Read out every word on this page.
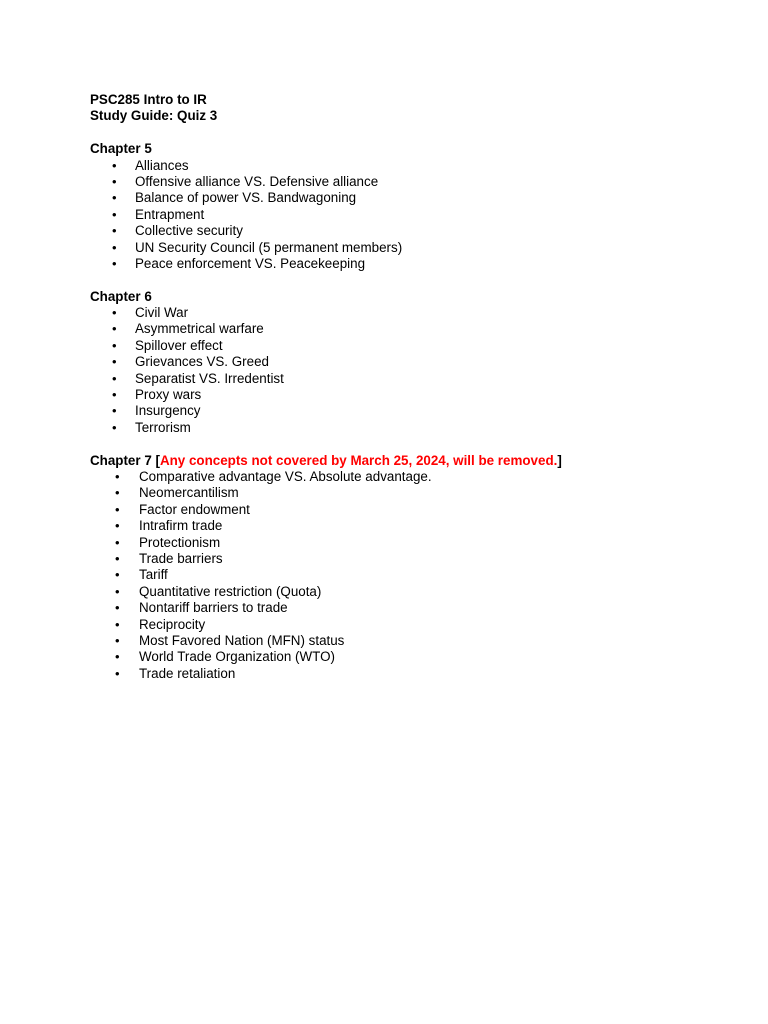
PSC285 Intro to IR
Study Guide: Quiz 3
Chapter 5
• Alliances
• Offensive alliance VS. Defensive alliance
• Balance of power VS. Bandwagoning
• Entrapment
• Collective security
• UN Security Council (5 permanent members)
• Peace enforcement VS. Peacekeeping
Chapter 6
• Civil War
• Asymmetrical warfare
• Spillover effect
• Grievances VS. Greed
• Separatist VS. Irredentist
• Proxy wars
• Insurgency
• Terrorism
Chapter 7 [Any concepts not covered by March 25, 2024, will be removed.]
• Comparative advantage VS. Absolute advantage.
• Neomercantilism
• Factor endowment
• Intrafirm trade
• Protectionism
• Trade barriers
• Tariff
• Quantitative restriction (Quota)
• Nontariff barriers to trade
• Reciprocity
• Most Favored Nation (MFN) status
• World Trade Organization (WTO)
• Trade retaliation
